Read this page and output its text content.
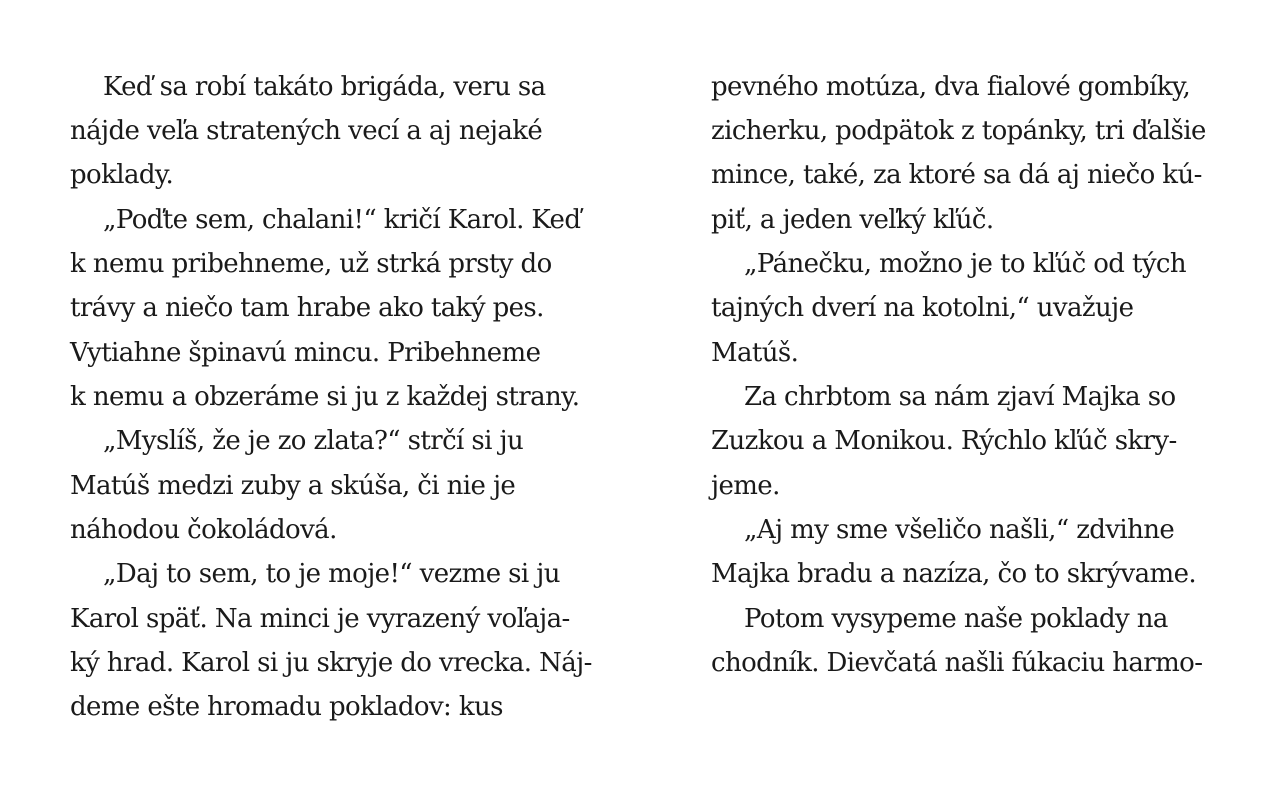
Keď sa robí takáto brigáda, veru sa
nájde veľa stratených vecí a aj nejaké
poklady.
„Poďte sem, chalani!“ kričí Karol. Keď
k nemu pribehneme, už strká prsty do
trávy a niečo tam hrabe ako taký pes.
Vytiahne špinavú mincu. Pribehneme
k nemu a obzeráme si ju z každej strany.
„Myslíš, že je zo zlata?“ strčí si ju
Matúš medzi zuby a skúša, či nie je
náhodou čokoládová.
„Daj to sem, to je moje!“ vezme si ju
Karol späť. Na minci je vyrazený voľaja-
ký hrad. Karol si ju skryje do vrecka. Náj-
deme ešte hromadu pokladov: kus
pevného motúza, dva fialové gombíky,
zicherku, podpätok z topánky, tri ďalšie
mince, také, za ktoré sa dá aj niečo kú-
piť, a jeden veľký kľúč.
„Pánečku, možno je to kľúč od tých
tajných dverí na kotolni,“ uvažuje
Matúš.
Za chrbtom sa nám zjaví Majka so
Zuzkou a Monikou. Rýchlo kľúč skry-
jeme.
„Aj my sme všeličo našli,“ zdvihne
Majka bradu a nazíza, čo to skrývame.
Potom vysypeme naše poklady na
chodník. Dievčatá našli fúkaciu harmo-
